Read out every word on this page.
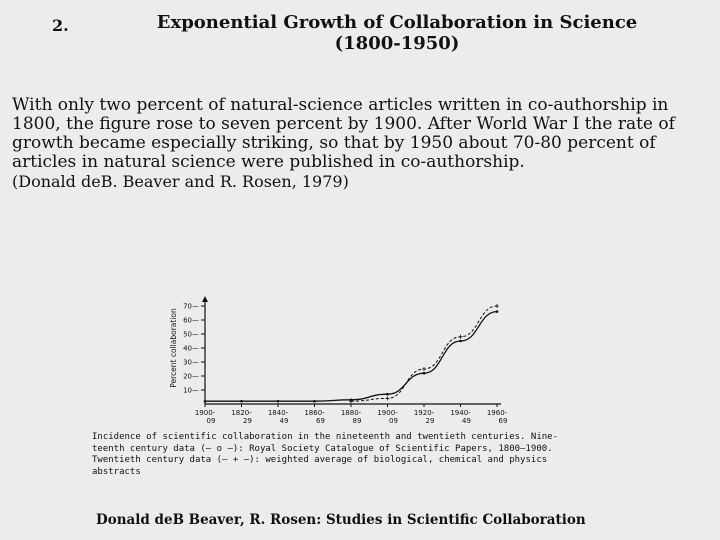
2.	Exponential Growth of Collaboration in Science
(1800-1950)

With only two percent of natural-science articles written in co-authorship in 1800, the figure rose to seven percent by 1900. After World War I the rate of growth became especially striking, so that by 1950 about 70-80 percent of articles in natural science were published in co-authorship.

(Donald deB. Beaver and R. Rosen, 1979)

Percent collaboration
10—
20—
30—
40—
50—
60—
70—
1900-
09
1820-
29
1840-
49
1860-
69
1880-
89
1900-
09
1920-
29
1940-
49
1960-
69
Incidence of scientific collaboration in the nineteenth and twentieth centuries. Nine-
teenth century data (– o –): Royal Society Catalogue of Scientific Papers, 1800–1900.
Twentieth century data (– + –): weighted average of biological, chemical and physics
abstracts
Donald deB Beaver, R. Rosen: Studies in Scientific Collaboration
